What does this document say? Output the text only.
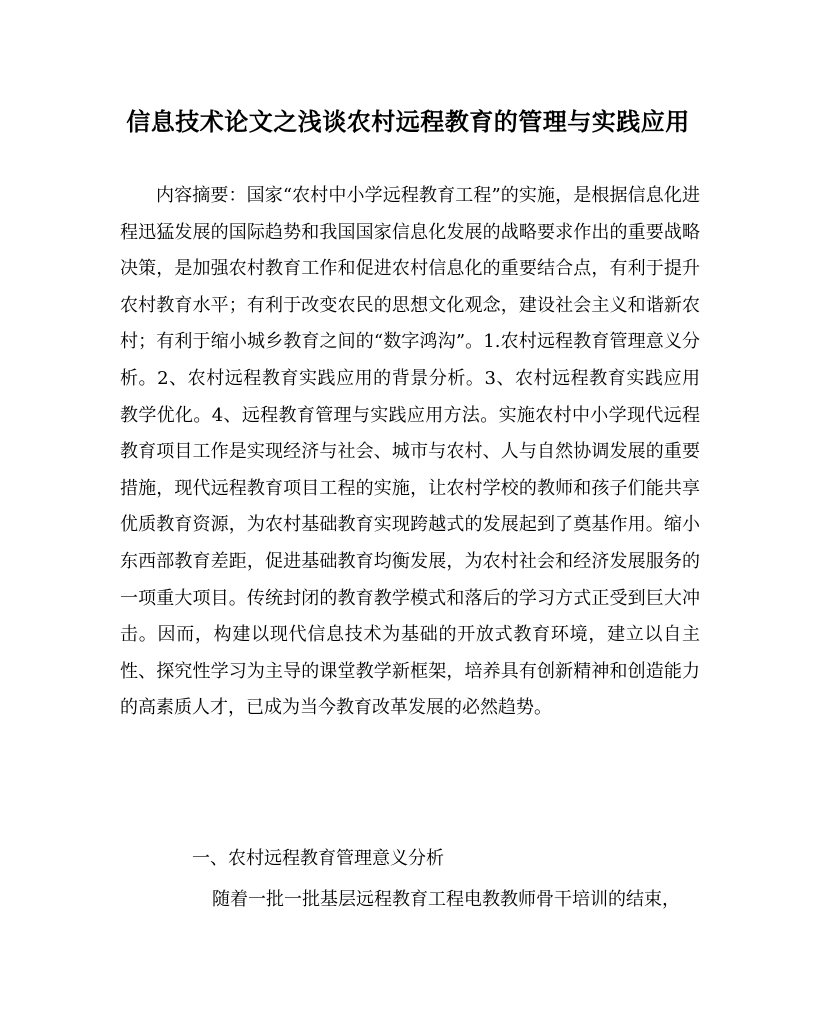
信息技术论文之浅谈农村远程教育的管理与实践应用

内容摘要：国家“农村中小学远程教育工程”的实施，是根据信息化进程迅猛发展的国际趋势和我国国家信息化发展的战略要求作出的重要战略决策，是加强农村教育工作和促进农村信息化的重要结合点，有利于提升农村教育水平；有利于改变农民的思想文化观念，建设社会主义和谐新农村；有利于缩小城乡教育之间的“数字鸿沟”。1.农村远程教育管理意义分析。2、农村远程教育实践应用的背景分析。3、农村远程教育实践应用教学优化。4、远程教育管理与实践应用方法。实施农村中小学现代远程教育项目工作是实现经济与社会、城市与农村、人与自然协调发展的重要措施，现代远程教育项目工程的实施，让农村学校的教师和孩子们能共享优质教育资源，为农村基础教育实现跨越式的发展起到了奠基作用。缩小东西部教育差距，促进基础教育均衡发展，为农村社会和经济发展服务的一项重大项目。传统封闭的教育教学模式和落后的学习方式正受到巨大冲击。因而，构建以现代信息技术为基础的开放式教育环境，建立以自主性、探究性学习为主导的课堂教学新框架，培养具有创新精神和创造能力的高素质人才，已成为当今教育改革发展的必然趋势。

一、农村远程教育管理意义分析

随着一批一批基层远程教育工程电教教师骨干培训的结束，
